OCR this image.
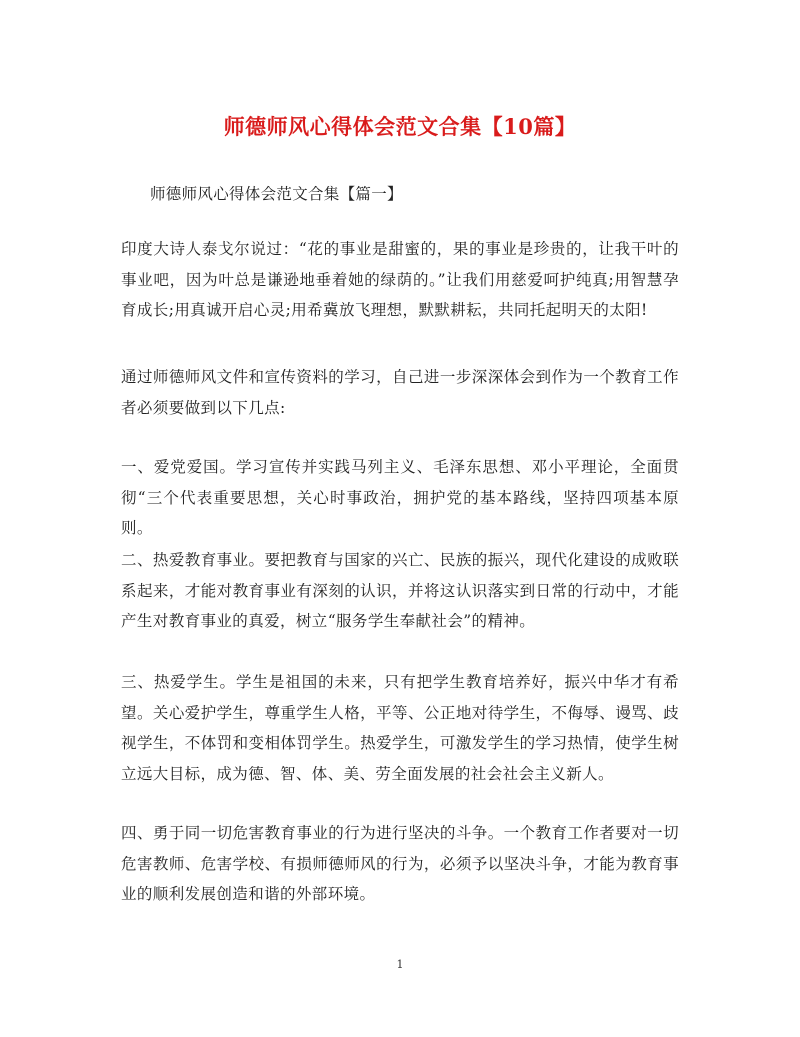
师德师风心得体会范文合集【10篇】
师德师风心得体会范文合集【篇一】

印度大诗人泰戈尔说过：“花的事业是甜蜜的，果的事业是珍贵的，让我干叶的事业吧，因为叶总是谦逊地垂着她的绿荫的。”让我们用慈爱呵护纯真;用智慧孕育成长;用真诚开启心灵;用希冀放飞理想，默默耕耘，共同托起明天的太阳!

通过师德师风文件和宣传资料的学习，自己进一步深深体会到作为一个教育工作者必须要做到以下几点:

一、爱党爱国。学习宣传并实践马列主义、毛泽东思想、邓小平理论，全面贯彻“三个代表重要思想，关心时事政治，拥护党的基本路线，坚持四项基本原则。

二、热爱教育事业。要把教育与国家的兴亡、民族的振兴，现代化建设的成败联系起来，才能对教育事业有深刻的认识，并将这认识落实到日常的行动中，才能产生对教育事业的真爱，树立“服务学生奉献社会”的精神。

三、热爱学生。学生是祖国的未来，只有把学生教育培养好，振兴中华才有希望。关心爱护学生，尊重学生人格，平等、公正地对待学生，不侮辱、谩骂、歧视学生，不体罚和变相体罚学生。热爱学生，可激发学生的学习热情，使学生树立远大目标，成为德、智、体、美、劳全面发展的社会社会主义新人。

四、勇于同一切危害教育事业的行为进行坚决的斗争。一个教育工作者要对一切危害教师、危害学校、有损师德师风的行为，必须予以坚决斗争，才能为教育事业的顺利发展创造和谐的外部环境。

1
